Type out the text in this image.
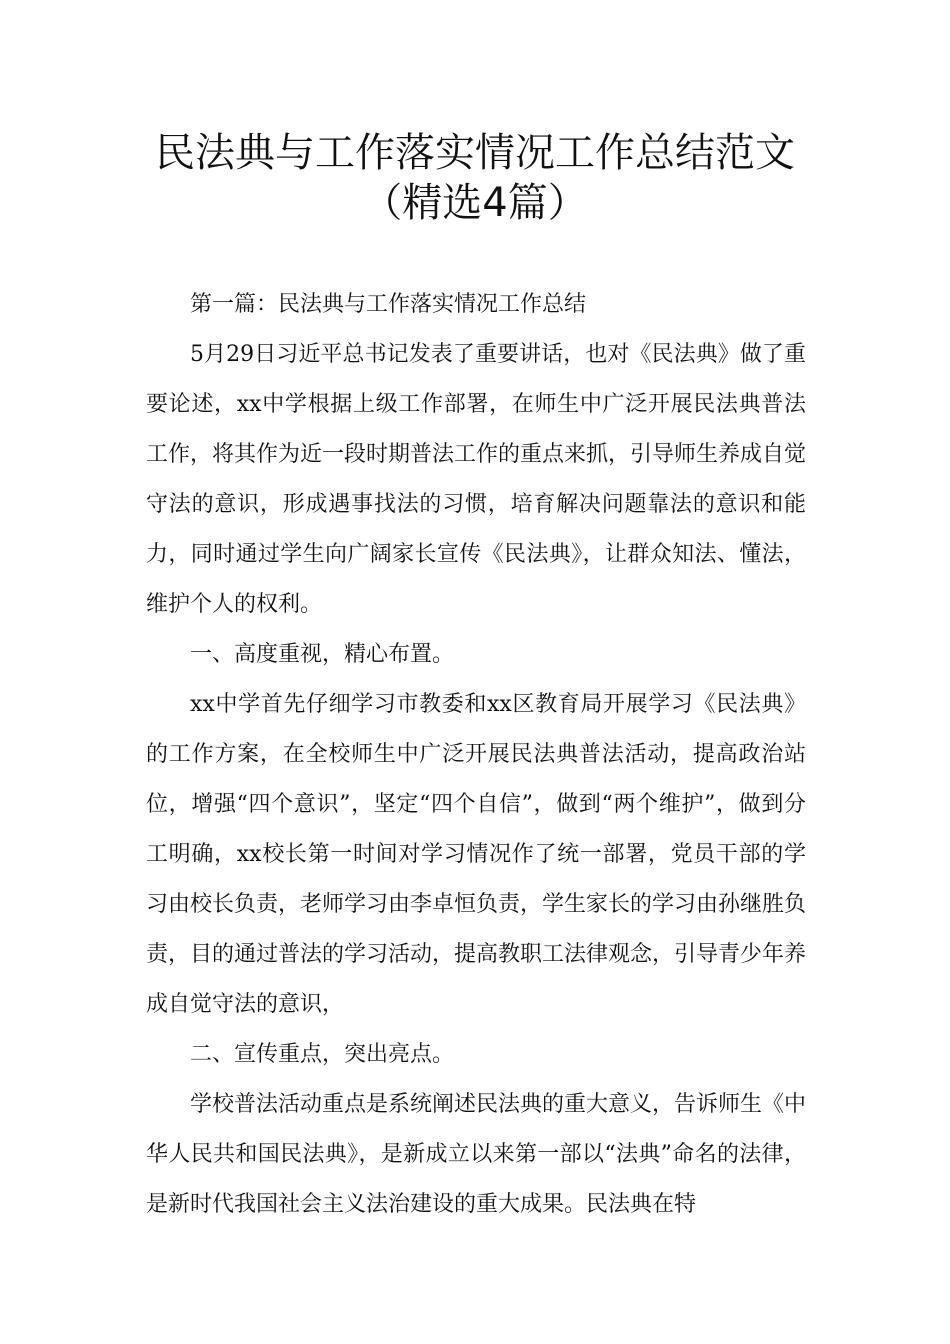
民法典与工作落实情况工作总结范文
（精选4篇）

第一篇：民法典与工作落实情况工作总结

5月29日习近平总书记发表了重要讲话，也对《民法典》做了重要论述，xx中学根据上级工作部署，在师生中广泛开展民法典普法工作，将其作为近一段时期普法工作的重点来抓，引导师生养成自觉守法的意识，形成遇事找法的习惯，培育解决问题靠法的意识和能力，同时通过学生向广阔家长宣传《民法典》，让群众知法、懂法，维护个人的权利。

一、高度重视，精心布置。

xx中学首先仔细学习市教委和xx区教育局开展学习《民法典》的工作方案，在全校师生中广泛开展民法典普法活动，提高政治站位，增强“四个意识”，坚定“四个自信”，做到“两个维护”，做到分工明确，xx校长第一时间对学习情况作了统一部署，党员干部的学习由校长负责，老师学习由李卓恒负责，学生家长的学习由孙继胜负责，目的通过普法的学习活动，提高教职工法律观念，引导青少年养成自觉守法的意识，

二、宣传重点，突出亮点。

学校普法活动重点是系统阐述民法典的重大意义，告诉师生《中华人民共和国民法典》，是新成立以来第一部以“法典”命名的法律，是新时代我国社会主义法治建设的重大成果。民法典在特
